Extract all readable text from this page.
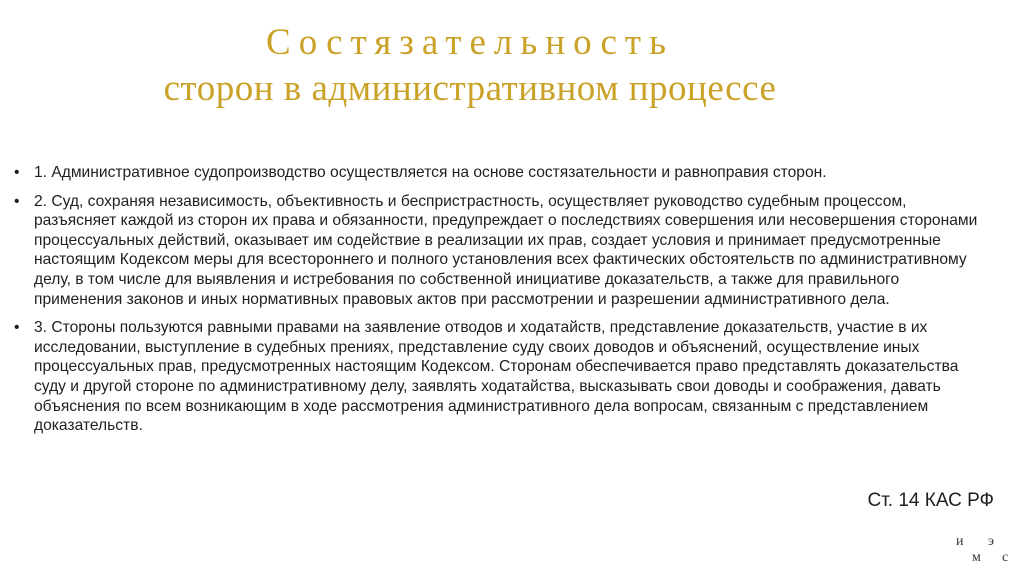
Состязательность
сторон в административном процессе
• 1. Административное судопроизводство осуществляется на основе состязательности и равноправия сторон.
• 2. Суд, сохраняя независимость, объективность и беспристрастность, осуществляет руководство судебным процессом, разъясняет каждой из сторон их права и обязанности, предупреждает о последствиях совершения или несовершения сторонами процессуальных действий, оказывает им содействие в реализации их прав, создает условия и принимает предусмотренные настоящим Кодексом меры для всестороннего и полного установления всех фактических обстоятельств по административному делу, в том числе для выявления и истребования по собственной инициативе доказательств, а также для правильного применения законов и иных нормативных правовых актов при рассмотрении и разрешении административного дела.
• 3. Стороны пользуются равными правами на заявление отводов и ходатайств, представление доказательств, участие в их исследовании, выступление в судебных прениях, представление суду своих доводов и объяснений, осуществление иных процессуальных прав, предусмотренных настоящим Кодексом. Сторонам обеспечивается право представлять доказательства суду и другой стороне по административному делу, заявлять ходатайства, высказывать свои доводы и соображения, давать объяснения по всем возникающим в ходе рассмотрения административного дела вопросам, связанным с представлением доказательств.
Ст. 14 КАС РФ
и э
м с
